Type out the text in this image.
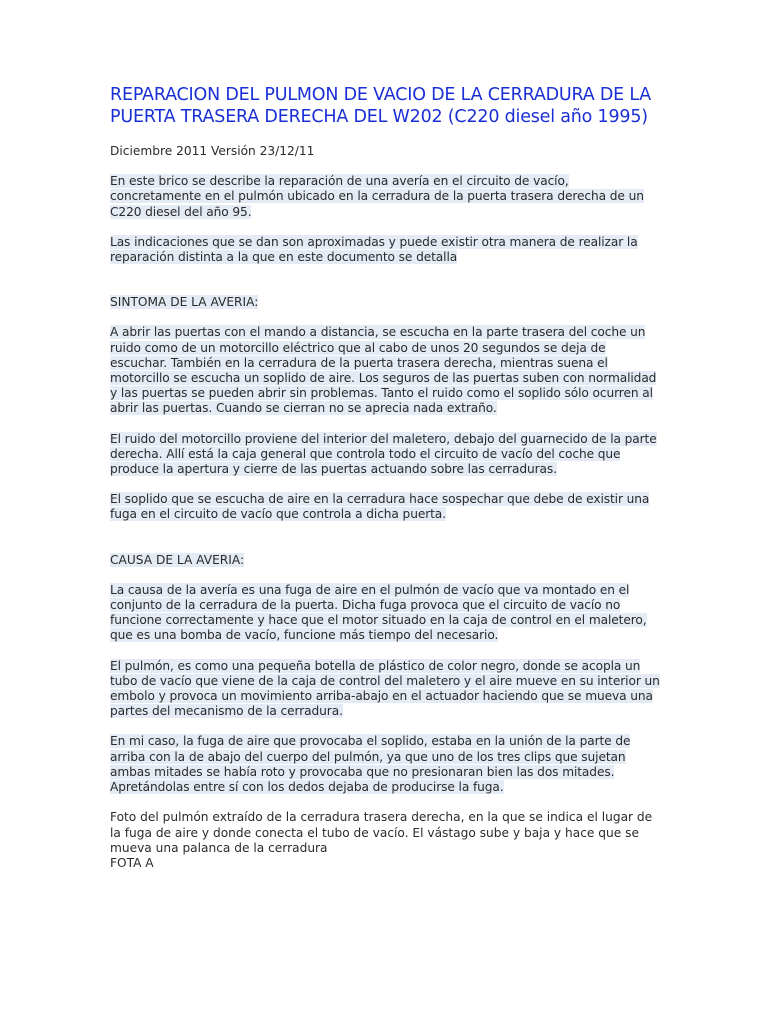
REPARACION DEL PULMON DE VACIO DE LA CERRADURA DE LA PUERTA TRASERA DERECHA DEL W202 (C220 diesel año 1995)
Diciembre 2011 Versión 23/12/11

En este brico se describe la reparación de una avería en el circuito de vacío, concretamente en el pulmón ubicado en la cerradura de la puerta trasera derecha de un C220 diesel del año 95.

Las indicaciones que se dan son aproximadas y puede existir otra manera de realizar la reparación distinta a la que en este documento se detalla

SINTOMA DE LA AVERIA:

A abrir las puertas con el mando a distancia, se escucha en la parte trasera del coche un ruido como de un motorcillo eléctrico que al cabo de unos 20 segundos se deja de escuchar. También en la cerradura de la puerta trasera derecha, mientras suena el motorcillo se escucha un soplido de aire. Los seguros de las puertas suben con normalidad y las puertas se pueden abrir sin problemas. Tanto el ruido como el soplido sólo ocurren al abrir las puertas. Cuando se cierran no se aprecia nada extraño.

El ruido del motorcillo proviene del interior del maletero, debajo del guarnecido de la parte derecha. Allí está la caja general que controla todo el circuito de vacío del coche que produce la apertura y cierre de las puertas actuando sobre las cerraduras.

El soplido que se escucha de aire en la cerradura hace sospechar que debe de existir una fuga en el circuito de vacío que controla a dicha puerta.

CAUSA DE LA AVERIA:

La causa de la avería es una fuga de aire en el pulmón de vacío que va montado en el conjunto de la cerradura de la puerta. Dicha fuga provoca que el circuito de vacío no funcione correctamente y hace que el motor situado en la caja de control en el maletero, que es una bomba de vacío, funcione más tiempo del necesario.

El pulmón, es como una pequeña botella de plástico de color negro, donde se acopla un tubo de vacío que viene de la caja de control del maletero y el aire mueve en su interior un embolo y provoca un movimiento arriba-abajo en el actuador haciendo que se mueva una partes del mecanismo de la cerradura.

En mi caso, la fuga de aire que provocaba el soplido, estaba en la unión de la parte de arriba con la de abajo del cuerpo del pulmón, ya que uno de los tres clips que sujetan ambas mitades se había roto y provocaba que no presionaran bien las dos mitades. Apretándolas entre sí con los dedos dejaba de producirse la fuga.

Foto del pulmón extraído de la cerradura trasera derecha, en la que se indica el lugar de la fuga de aire y donde conecta el tubo de vacío. El vástago sube y baja y hace que se mueva una palanca de la cerradura
FOTA A
